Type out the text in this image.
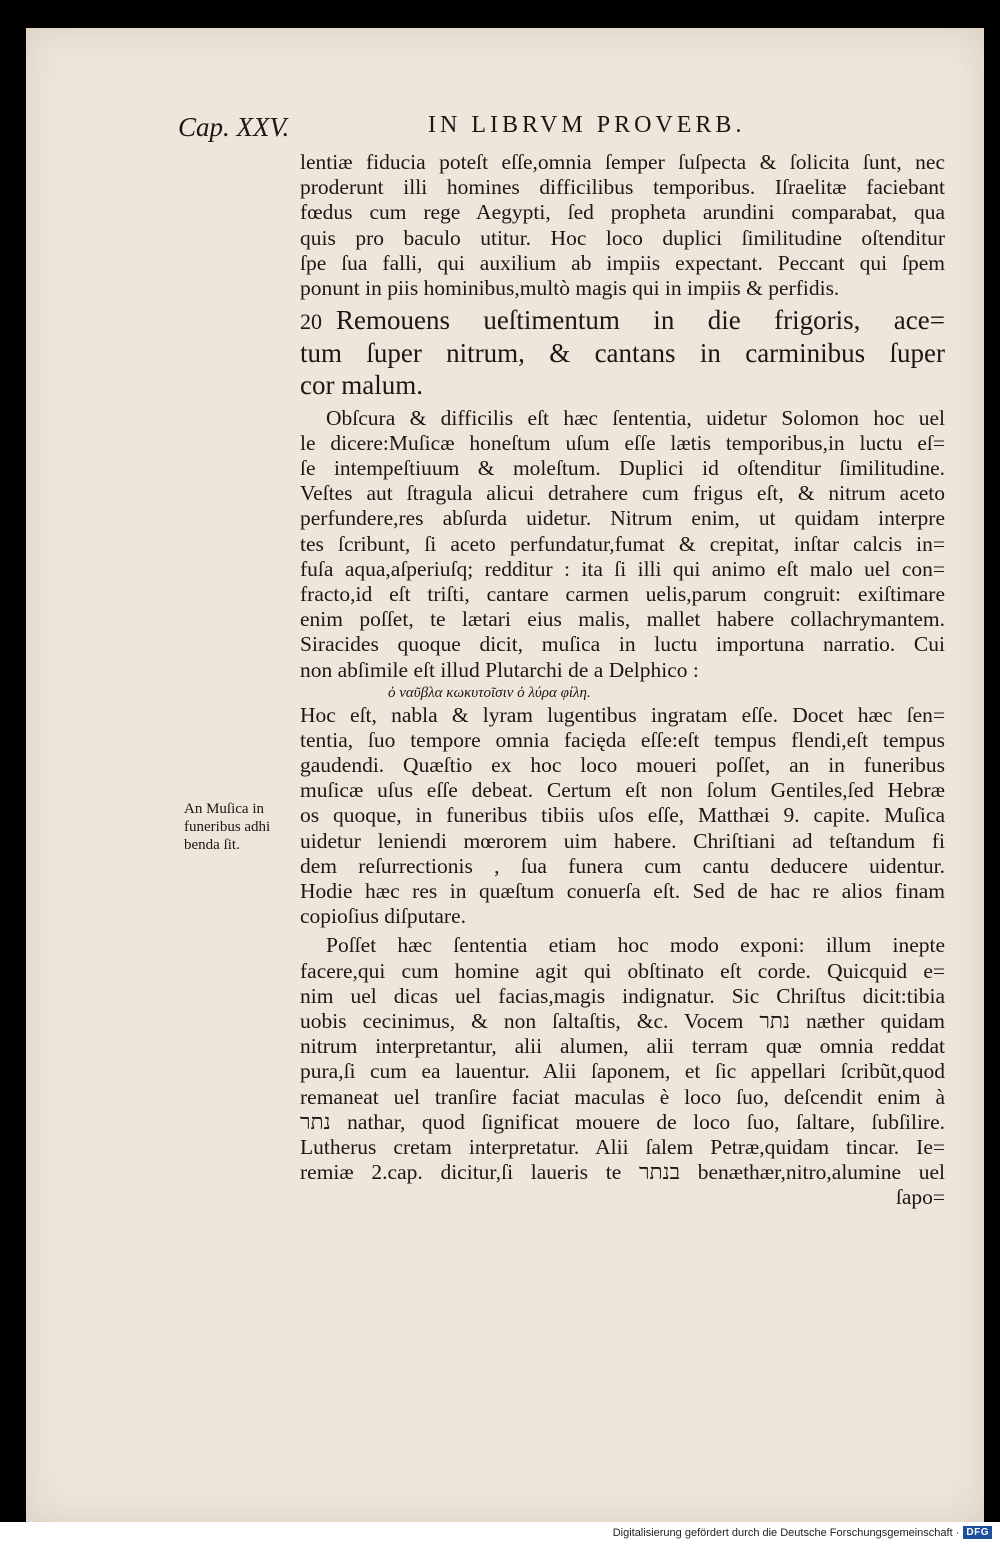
Cap. XXV.	IN LIBRVM PROVERB.
lentiæ fiducia poteſt eſſe,omnia ſemper ſuſpecta & ſolicita ſunt, nec
proderunt illi homines difficilibus temporibus. Iſraelitæ faciebant
fœdus cum rege Aegypti, ſed propheta arundini comparabat, qua
quis pro baculo utitur. Hoc loco duplici ſimilitudine oſtenditur
ſpe ſua falli, qui auxilium ab impiis expectant. Peccant qui ſpem
ponunt in piis hominibus,multò magis qui in impiis & perfidis.
20 Remouens ueſtimentum in die frigoris, ace=
tum ſuper nitrum, & cantans in carminibus ſuper
cor malum.
Obſcura & difficilis eſt hæc ſententia, uidetur Solomon hoc uel
le dicere:Muſicæ honeſtum uſum eſſe lætis temporibus,in luctu eſ=
ſe intempeſtiuum & moleſtum. Duplici id oſtenditur ſimilitudine.
Veſtes aut ſtragula alicui detrahere cum frigus eſt, & nitrum aceto
perfundere,res abſurda uidetur. Nitrum enim, ut quidam interpre
tes ſcribunt, ſi aceto perfundatur,fumat & crepitat, inſtar calcis in=
fuſa aqua,aſperiuſq; redditur : ita ſi illi qui animo eſt malo uel con=
fracto,id eſt triſti, cantare carmen uelis,parum congruit: exiſtimare
enim poſſet, te lætari eius malis, mallet habere collachrymantem.
Siracides quoque dicit, muſica in luctu importuna narratio. Cui
non abſimile eſt illud Plutarchi de a Delphico :
ὁ ναῦβλα κωκυτοῖσιν ὁ λύρα φίλη.
Hoc eſt, nabla & lyram lugentibus ingratam eſſe. Docet hæc ſen=
tentia, ſuo tempore omnia facięda eſſe:eſt tempus flendi,eſt tempus
gaudendi. Quæſtio ex hoc loco moueri poſſet, an in funeribus
muſicæ uſus eſſe debeat. Certum eſt non ſolum Gentiles,ſed Hebræ
os quoque, in funeribus tibiis uſos eſſe, Matthæi 9. capite. Muſica
uidetur leniendi mœrorem uim habere. Chriſtiani ad teſtandum fi
dem reſurrectionis , ſua funera cum cantu deducere uidentur.
Hodie hæc res in quæſtum conuerſa eſt. Sed de hac re alios finam
copioſius diſputare.
Poſſet hæc ſententia etiam hoc modo exponi: illum inepte
facere,qui cum homine agit qui obſtinato eſt corde. Quicquid e=
nim uel dicas uel facias,magis indignatur. Sic Chriſtus dicit:tibia
uobis cecinimus, & non ſaltaſtis, &c. Vocem נתר næther quidam
nitrum interpretantur, alii alumen, alii terram quæ omnia reddat
pura,ſi cum ea lauentur. Alii ſaponem, et ſic appellari ſcribũt,quod
remaneat uel tranſire faciat maculas è loco ſuo, deſcendit enim à
נתר nathar, quod ſignificat mouere de loco ſuo, ſaltare, ſubſilire.
Lutherus cretam interpretatur. Alii ſalem Petræ,quidam tincar. Ie=
remiæ 2.cap. dicitur,ſi laueris te בנתר benæthær,nitro,alumine uel
ſapo=
An Muſica in
funeribus adhi
benda ſit.
Digitalisierung gefördert durch die Deutsche Forschungsgemeinschaft · DFG
